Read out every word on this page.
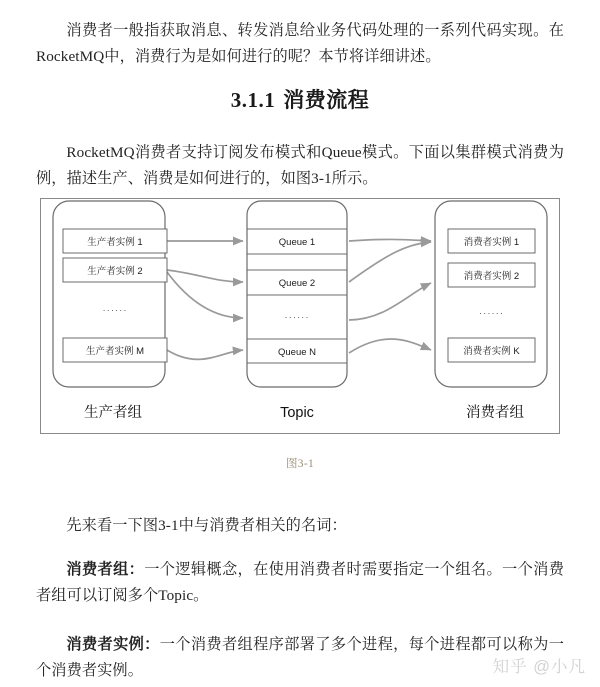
消费者一般指获取消息、转发消息给业务代码处理的一系列代码实现。在 RocketMQ中，消费行为是如何进行的呢？本节将详细讲述。

3.1.1 消费流程

RocketMQ消费者支持订阅发布模式和Queue模式。下面以集群模式消费为例，描述生产、消费是如何进行的，如图3-1所示。

生产者实例 1
生产者实例 2
······
生产者实例 M
Queue 1
Queue 2
······
Queue N
消费者实例 1
消费者实例 2
······
消费者实例 K
生产者组	Topic	消费者组

图3-1

先来看一下图3-1中与消费者相关的名词：

消费者组：一个逻辑概念，在使用消费者时需要指定一个组名。一个消费者组可以订阅多个Topic。

消费者实例：一个消费者组程序部署了多个进程，每个进程都可以称为一个消费者实例。	知乎 @小凡
